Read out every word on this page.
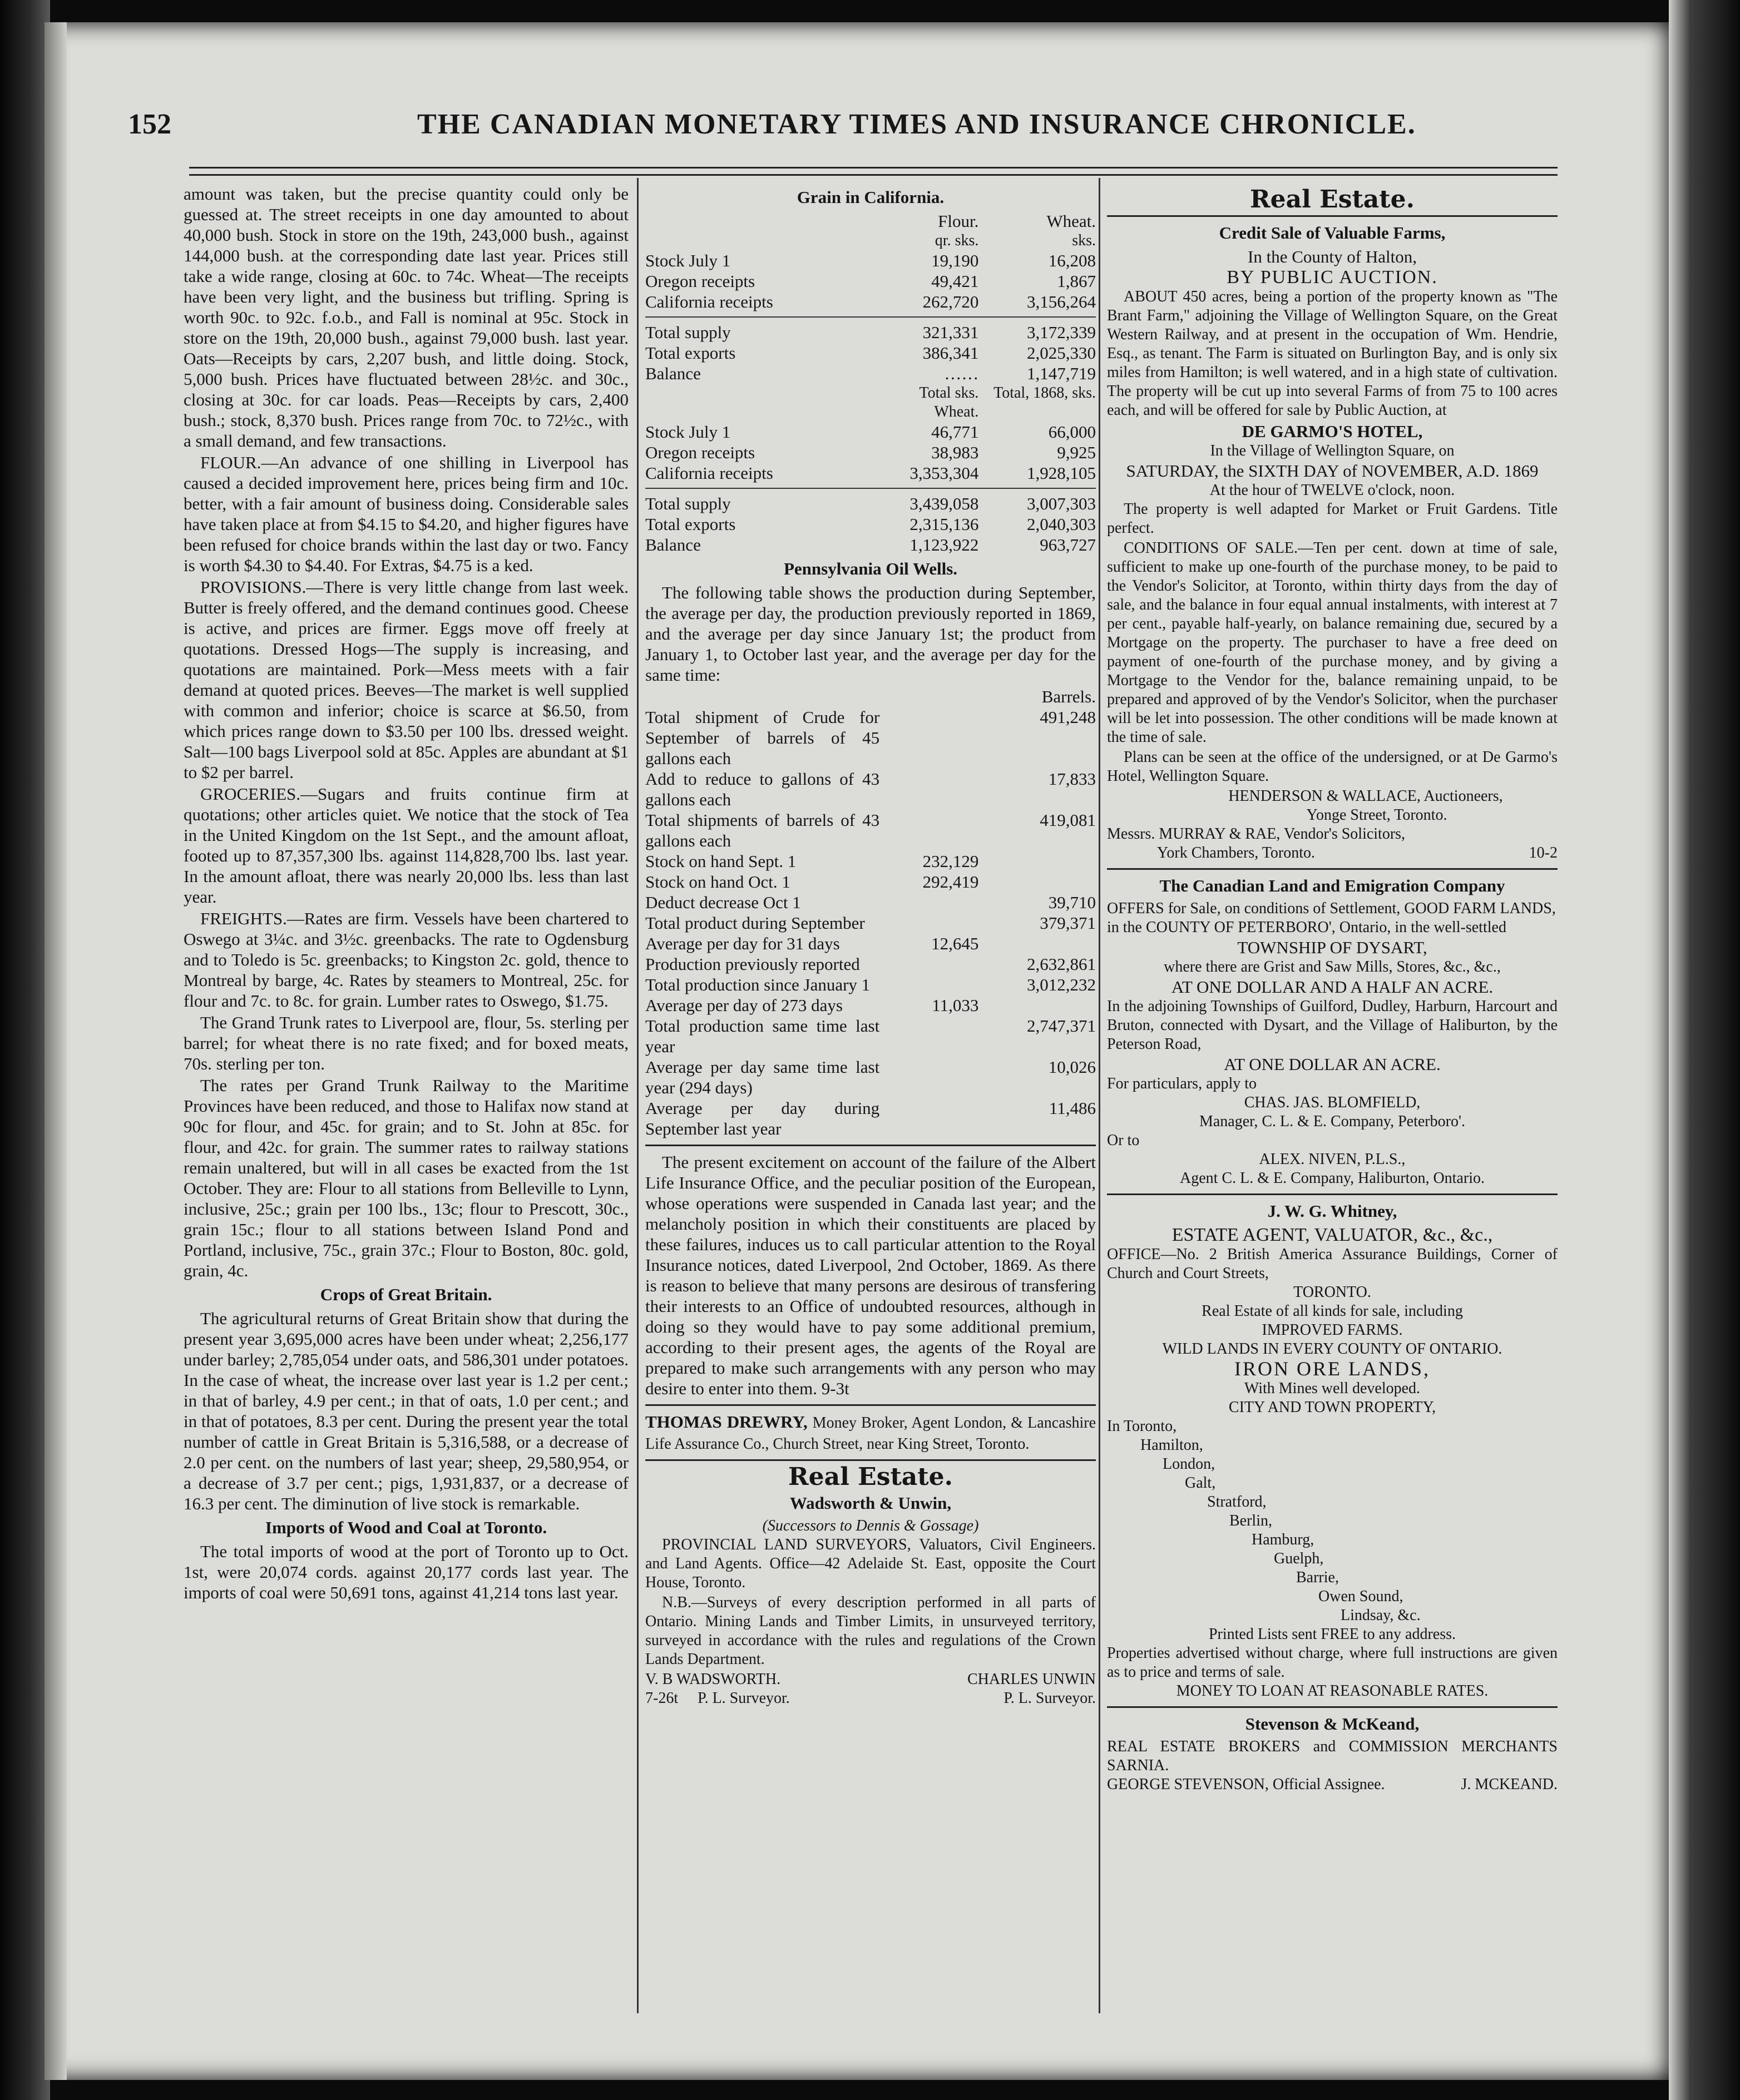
152	THE CANADIAN MONETARY TIMES AND INSURANCE CHRONICLE.

amount was taken, but the precise quantity could only be guessed at. The street receipts in one day amounted to about 40,000 bush. Stock in store on the 19th, 243,000 bush., against 144,000 bush. at the corresponding date last year. Prices still take a wide range, closing at 60c. to 74c. Wheat—The receipts have been very light, and the business but trifling. Spring is worth 90c. to 92c. f.o.b., and Fall is nominal at 95c. Stock in store on the 19th, 20,000 bush., against 79,000 bush. last year. Oats—Receipts by cars, 2,207 bush, and little doing. Stock, 5,000 bush. Prices have fluctuated between 28½c. and 30c., closing at 30c. for car loads. Peas—Receipts by cars, 2,400 bush.; stock, 8,370 bush. Prices range from 70c. to 72½c., with a small demand, and few transactions.

FLOUR.—An advance of one shilling in Liverpool has caused a decided improvement here, prices being firm and 10c. better, with a fair amount of business doing. Considerable sales have taken place at from $4.15 to $4.20, and higher figures have been refused for choice brands within the last day or two. Fancy is worth $4.30 to $4.40. For Extras, $4.75 is a ked.

PROVISIONS.—There is very little change from last week. Butter is freely offered, and the demand continues good. Cheese is active, and prices are firmer. Eggs move off freely at quotations. Dressed Hogs—The supply is increasing, and quotations are maintained. Pork—Mess meets with a fair demand at quoted prices. Beeves—The market is well supplied with common and inferior; choice is scarce at $6.50, from which prices range down to $3.50 per 100 lbs. dressed weight. Salt—100 bags Liverpool sold at 85c. Apples are abundant at $1 to $2 per barrel.

GROCERIES.—Sugars and fruits continue firm at quotations; other articles quiet. We notice that the stock of Tea in the United Kingdom on the 1st Sept., and the amount afloat, footed up to 87,357,300 lbs. against 114,828,700 lbs. last year. In the amount afloat, there was nearly 20,000 lbs. less than last year.

FREIGHTS.—Rates are firm. Vessels have been chartered to Oswego at 3¼c. and 3½c. greenbacks. The rate to Ogdensburg and to Toledo is 5c. greenbacks; to Kingston 2c. gold, thence to Montreal by barge, 4c. Rates by steamers to Montreal, 25c. for flour and 7c. to 8c. for grain. Lumber rates to Oswego, $1.75.

The Grand Trunk rates to Liverpool are, flour, 5s. sterling per barrel; for wheat there is no rate fixed; and for boxed meats, 70s. sterling per ton.

The rates per Grand Trunk Railway to the Maritime Provinces have been reduced, and those to Halifax now stand at 90c for flour, and 45c. for grain; and to St. John at 85c. for flour, and 42c. for grain. The summer rates to railway stations remain unaltered, but will in all cases be exacted from the 1st October. They are: Flour to all stations from Belleville to Lynn, inclusive, 25c.; grain per 100 lbs., 13c; flour to Prescott, 30c., grain 15c.; flour to all stations between Island Pond and Portland, inclusive, 75c., grain 37c.; Flour to Boston, 80c. gold, grain, 4c.

Crops of Great Britain.

The agricultural returns of Great Britain show that during the present year 3,695,000 acres have been under wheat; 2,256,177 under barley; 2,785,054 under oats, and 586,301 under potatoes. In the case of wheat, the increase over last year is 1.2 per cent.; in that of barley, 4.9 per cent.; in that of oats, 1.0 per cent.; and in that of potatoes, 8.3 per cent. During the present year the total number of cattle in Great Britain is 5,316,588, or a decrease of 2.0 per cent. on the numbers of last year; sheep, 29,580,954, or a decrease of 3.7 per cent.; pigs, 1,931,837, or a decrease of 16.3 per cent. The diminution of live stock is remarkable.

Imports of Wood and Coal at Toronto.

The total imports of wood at the port of Toronto up to Oct. 1st, were 20,074 cords. against 20,177 cords last year. The imports of coal were 50,691 tons, against 41,214 tons last year.

Grain in California.
	Flour.	Wheat.
	qr. sks.	sks.
Stock July 1	19,190	16,208
Oregon receipts	49,421	1,867
California receipts	262,720	3,156,264
Total supply	321,331	3,172,339
Total exports	386,341	2,025,330
Balance	……	1,147,719
	Total sks. Wheat.	Total, 1868, sks.
Stock July 1	46,771	66,000
Oregon receipts	38,983	9,925
California receipts	3,353,304	1,928,105
Total supply	3,439,058	3,007,303
Total exports	2,315,136	2,040,303
Balance	1,123,922	963,727
Pennsylvania Oil Wells.

The following table shows the production during September, the average per day, the production previously reported in 1869, and the average per day since January 1st; the product from January 1, to October last year, and the average per day for the same time:

Barrels.
Total shipment of Crude for September of barrels of 45 gallons each		491,248
Add to reduce to gallons of 43 gallons each		17,833
Total shipments of barrels of 43 gallons each		419,081
Stock on hand Sept. 1	232,129	
Stock on hand Oct. 1	292,419	
Deduct decrease Oct 1		39,710
Total product during September		379,371
Average per day for 31 days	12,645	
Production previously reported		2,632,861
Total production since January 1		3,012,232
Average per day of 273 days	11,033	
Total production same time last year		2,747,371
Average per day same time last year (294 days)		10,026
Average per day during September last year		11,486

The present excitement on account of the failure of the Albert Life Insurance Office, and the peculiar position of the European, whose operations were suspended in Canada last year; and the melancholy position in which their constituents are placed by these failures, induces us to call particular attention to the Royal Insurance notices, dated Liverpool, 2nd October, 1869. As there is reason to believe that many persons are desirous of transfering their interests to an Office of undoubted resources, although in doing so they would have to pay some additional premium, according to their present ages, the agents of the Royal are prepared to make such arrangements with any person who may desire to enter into them. 9-3t

THOMAS DREWRY, Money Broker, Agent London, & Lancashire Life Assurance Co., Church Street, near King Street, Toronto.

Real Estate.
Wadsworth & Unwin,
(Successors to Dennis & Gossage)

PROVINCIAL LAND SURVEYORS, Valuators, Civil Engineers. and Land Agents. Office—42 Adelaide St. East, opposite the Court House, Toronto.

N.B.—Surveys of every description performed in all parts of Ontario. Mining Lands and Timber Limits, in unsurveyed territory, surveyed in accordance with the rules and regulations of the Crown Lands Department.

V. B WADSWORTH.	CHARLES UNWIN
7-26t P. L. Surveyor.	P. L. Surveyor.
Real Estate.
Credit Sale of Valuable Farms,
In the County of Halton,
BY PUBLIC AUCTION.

ABOUT 450 acres, being a portion of the property known as "The Brant Farm," adjoining the Village of Wellington Square, on the Great Western Railway, and at present in the occupation of Wm. Hendrie, Esq., as tenant. The Farm is situated on Burlington Bay, and is only six miles from Hamilton; is well watered, and in a high state of cultivation. The property will be cut up into several Farms of from 75 to 100 acres each, and will be offered for sale by Public Auction, at

DE GARMO'S HOTEL,
In the Village of Wellington Square, on
SATURDAY, the SIXTH DAY of NOVEMBER, A.D. 1869
At the hour of TWELVE o'clock, noon.

The property is well adapted for Market or Fruit Gardens. Title perfect.

CONDITIONS OF SALE.—Ten per cent. down at time of sale, sufficient to make up one-fourth of the purchase money, to be paid to the Vendor's Solicitor, at Toronto, within thirty days from the day of sale, and the balance in four equal annual instalments, with interest at 7 per cent., payable half-yearly, on balance remaining due, secured by a Mortgage on the property. The purchaser to have a free deed on payment of one-fourth of the purchase money, and by giving a Mortgage to the Vendor for the, balance remaining unpaid, to be prepared and approved of by the Vendor's Solicitor, when the purchaser will be let into possession. The other conditions will be made known at the time of sale.

Plans can be seen at the office of the undersigned, or at De Garmo's Hotel, Wellington Square.

HENDERSON & WALLACE, Auctioneers,
Yonge Street, Toronto.
Messrs. MURRAY & RAE, Vendor's Solicitors,
York Chambers, Toronto.	10-2
The Canadian Land and Emigration Company
OFFERS for Sale, on conditions of Settlement, GOOD FARM LANDS,
in the COUNTY OF PETERBORO', Ontario, in the well-settled
TOWNSHIP OF DYSART,
where there are Grist and Saw Mills, Stores, &c., &c.,
AT ONE DOLLAR AND A HALF AN ACRE.
In the adjoining Townships of Guilford, Dudley, Harburn, Harcourt and Bruton, connected with Dysart, and the Village of Haliburton, by the Peterson Road,
AT ONE DOLLAR AN ACRE.
For particulars, apply to
CHAS. JAS. BLOMFIELD,
Manager, C. L. & E. Company, Peterboro'.
Or to
ALEX. NIVEN, P.L.S.,
Agent C. L. & E. Company, Haliburton, Ontario.
J. W. G. Whitney,
ESTATE AGENT, VALUATOR, &c., &c.,
OFFICE—No. 2 British America Assurance Buildings, Corner of Church and Court Streets,
TORONTO.
Real Estate of all kinds for sale, including
IMPROVED FARMS.
WILD LANDS IN EVERY COUNTY OF ONTARIO.
IRON ORE LANDS,
With Mines well developed.
CITY AND TOWN PROPERTY,
In Toronto,
Hamilton,
London,
Galt,
Stratford,
Berlin,
Hamburg,
Guelph,
Barrie,
Owen Sound,
Lindsay, &c.
Printed Lists sent FREE to any address.
Properties advertised without charge, where full instructions are given as to price and terms of sale.
MONEY TO LOAN AT REASONABLE RATES.
Stevenson & McKeand,
REAL ESTATE BROKERS and COMMISSION MERCHANTS SARNIA.
GEORGE STEVENSON, Official Assignee.	J. MCKEAND.
